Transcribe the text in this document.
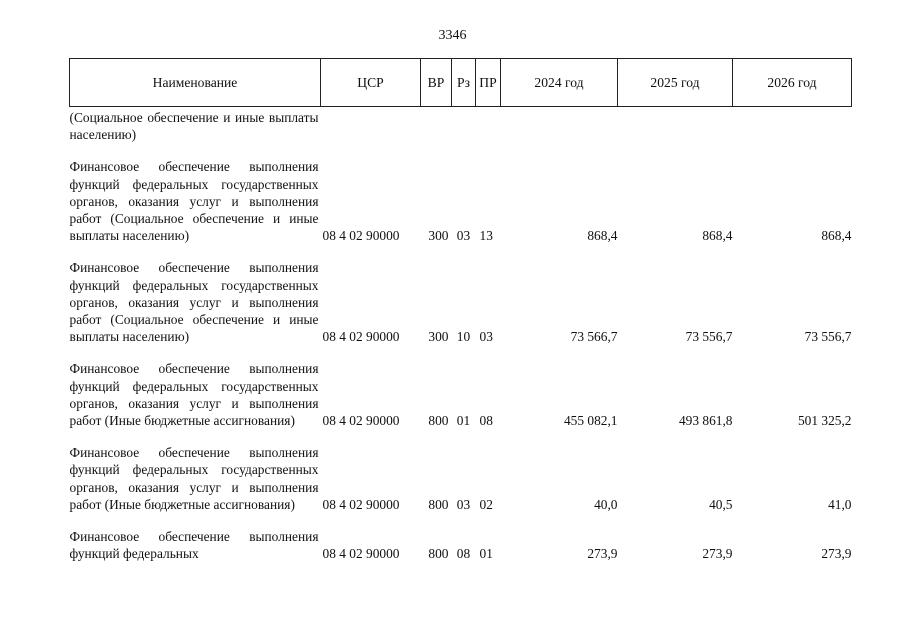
3346
Наименование	ЦСР	ВР	Рз	ПР	2024 год	2025 год	2026 год
(Социальное обеспечение и иные выплаты населению)							
Финансовое обеспечение выполнения функций федеральных государственных органов, оказания услуг и выполнения работ (Социальное обеспечение и иные выплаты населению)	08 4 02 90000	300	03	13	868,4	868,4	868,4
Финансовое обеспечение выполнения функций федеральных государственных органов, оказания услуг и выполнения работ (Социальное обеспечение и иные выплаты населению)	08 4 02 90000	300	10	03	73 566,7	73 556,7	73 556,7
Финансовое обеспечение выполнения функций федеральных государственных органов, оказания услуг и выполнения работ (Иные бюджетные ассигнования)	08 4 02 90000	800	01	08	455 082,1	493 861,8	501 325,2
Финансовое обеспечение выполнения функций федеральных государственных органов, оказания услуг и выполнения работ (Иные бюджетные ассигнования)	08 4 02 90000	800	03	02	40,0	40,5	41,0
Финансовое обеспечение выполнения функций федеральных	08 4 02 90000	800	08	01	273,9	273,9	273,9
